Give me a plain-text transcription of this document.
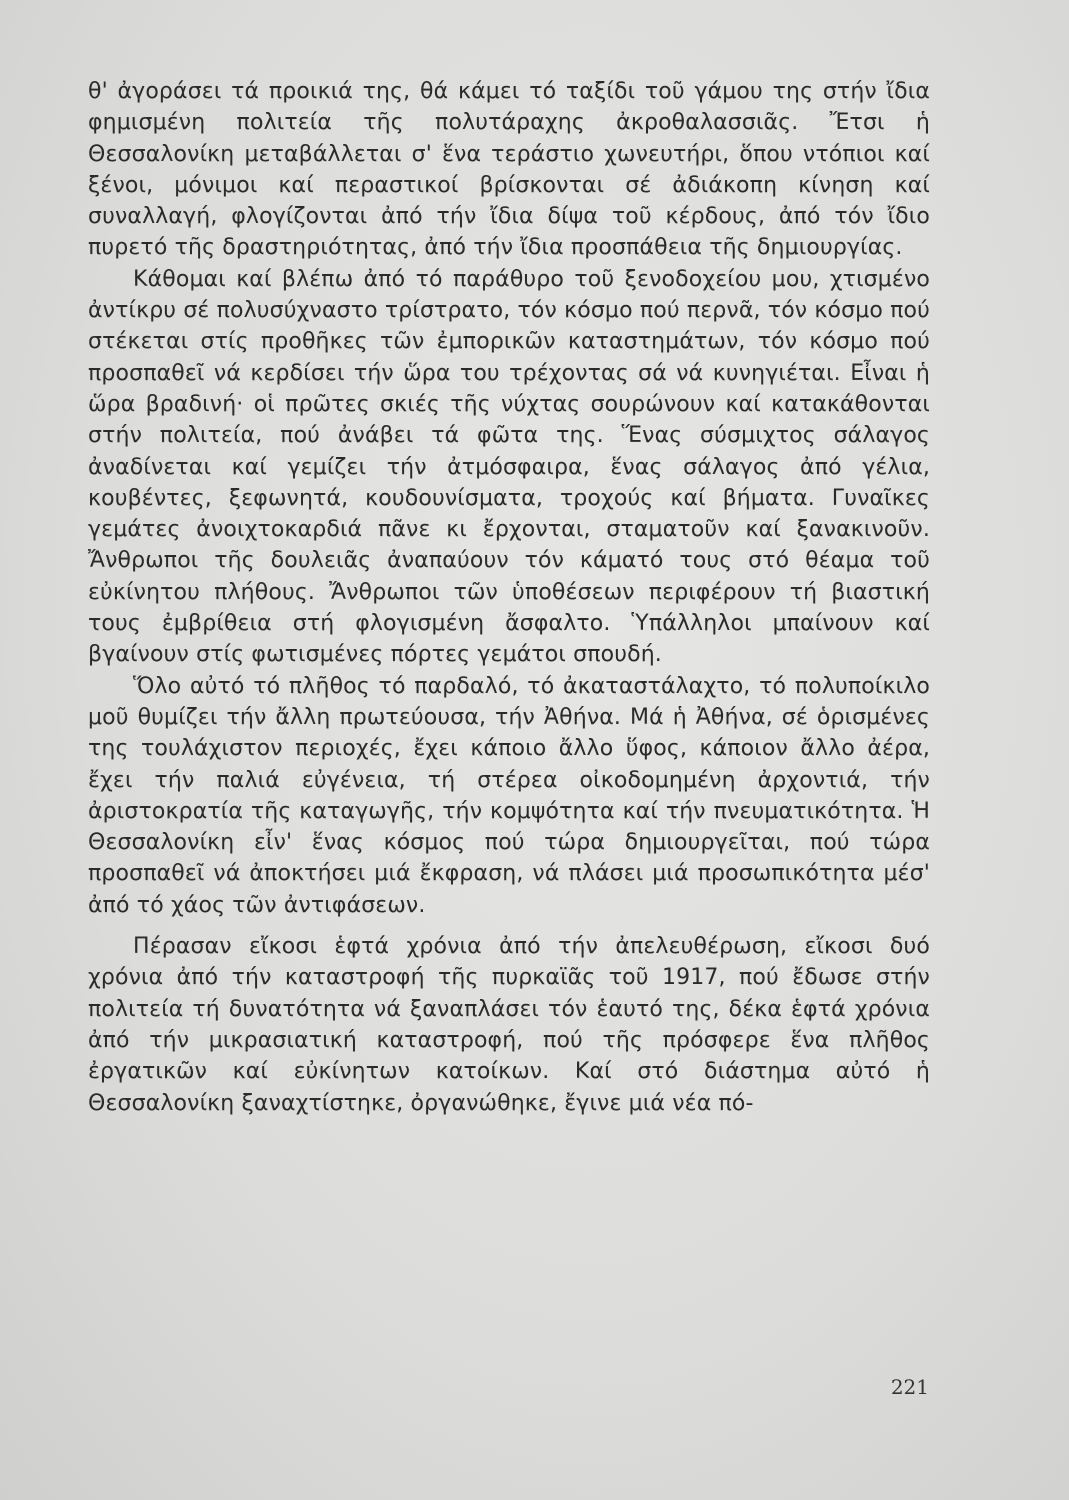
θ' ἀγοράσει τά προικιά της, θά κάμει τό ταξίδι τοῦ γάμου της στήν ἴδια φημισμένη πολιτεία τῆς πολυτάραχης ἀκροθαλασσιᾶς. Ἔτσι ἡ Θεσσαλονίκη μεταβάλλεται σ' ἕνα τεράστιο χωνευτήρι, ὅπου ντόπιοι καί ξένοι, μόνιμοι καί περαστικοί βρίσκονται σέ ἀδιάκοπη κίνηση καί συναλλαγή, φλογίζονται ἀπό τήν ἴδια δίψα τοῦ κέρδους, ἀπό τόν ἴδιο πυρετό τῆς δραστηριότητας, ἀπό τήν ἴδια προσπάθεια τῆς δημιουργίας.

Κάθομαι καί βλέπω ἀπό τό παράθυρο τοῦ ξενοδοχείου μου, χτισμένο ἀντίκρυ σέ πολυσύχναστο τρίστρατο, τόν κόσμο πού περνᾶ, τόν κόσμο πού στέκεται στίς προθῆκες τῶν ἐμπορικῶν καταστημάτων, τόν κόσμο πού προσπαθεῖ νά κερδίσει τήν ὥρα του τρέχοντας σά νά κυνηγιέται. Εἶναι ἡ ὥρα βραδινή· οἱ πρῶτες σκιές τῆς νύχτας σουρώνουν καί κατακάθονται στήν πολιτεία, πού ἀνάβει τά φῶτα της. Ἕνας σύσμιχτος σάλαγος ἀναδίνεται καί γεμίζει τήν ἀτμόσφαιρα, ἕνας σάλαγος ἀπό γέλια, κουβέντες, ξεφωνητά, κουδουνίσματα, τροχούς καί βήματα. Γυναῖκες γεμάτες ἀνοιχτοκαρδιά πᾶνε κι ἔρχονται, σταματοῦν καί ξανακινοῦν. Ἄνθρωποι τῆς δουλειᾶς ἀναπαύουν τόν κάματό τους στό θέαμα τοῦ εὐκίνητου πλήθους. Ἄνθρωποι τῶν ὑποθέσεων περιφέρουν τή βιαστική τους ἐμβρίθεια στή φλογισμένη ἄσφαλτο. Ὑπάλληλοι μπαίνουν καί βγαίνουν στίς φωτισμένες πόρτες γεμάτοι σπουδή.

Ὅλο αὐτό τό πλῆθος τό παρδαλό, τό ἀκαταστάλαχτο, τό πολυποίκιλο μοῦ θυμίζει τήν ἄλλη πρωτεύουσα, τήν Ἀθήνα. Μά ἡ Ἀθήνα, σέ ὁρισμένες της τουλάχιστον περιοχές, ἔχει κάποιο ἄλλο ὕφος, κάποιον ἄλλο ἀέρα, ἔχει τήν παλιά εὐγένεια, τή στέρεα οἰκοδομημένη ἀρχοντιά, τήν ἀριστοκρατία τῆς καταγωγῆς, τήν κομψότητα καί τήν πνευματικότητα. Ἡ Θεσσαλονίκη εἶν' ἕνας κόσμος πού τώρα δημιουργεῖται, πού τώρα προσπαθεῖ νά ἀποκτήσει μιά ἔκφραση, νά πλάσει μιά προσωπικότητα μέσ' ἀπό τό χάος τῶν ἀντιφάσεων.

Πέρασαν εἴκοσι ἑφτά χρόνια ἀπό τήν ἀπελευθέρωση, εἴκοσι δυό χρόνια ἀπό τήν καταστροφή τῆς πυρκαϊᾶς τοῦ 1917, πού ἔδωσε στήν πολιτεία τή δυνατότητα νά ξαναπλάσει τόν ἑαυτό της, δέκα ἑφτά χρόνια ἀπό τήν μικρασιατική καταστροφή, πού τῆς πρόσφερε ἕνα πλῆθος ἐργατικῶν καί εὐκίνητων κατοίκων. Καί στό διάστημα αὐτό ἡ Θεσσαλονίκη ξαναχτίστηκε, ὀργανώθηκε, ἔγινε μιά νέα πό-

221
